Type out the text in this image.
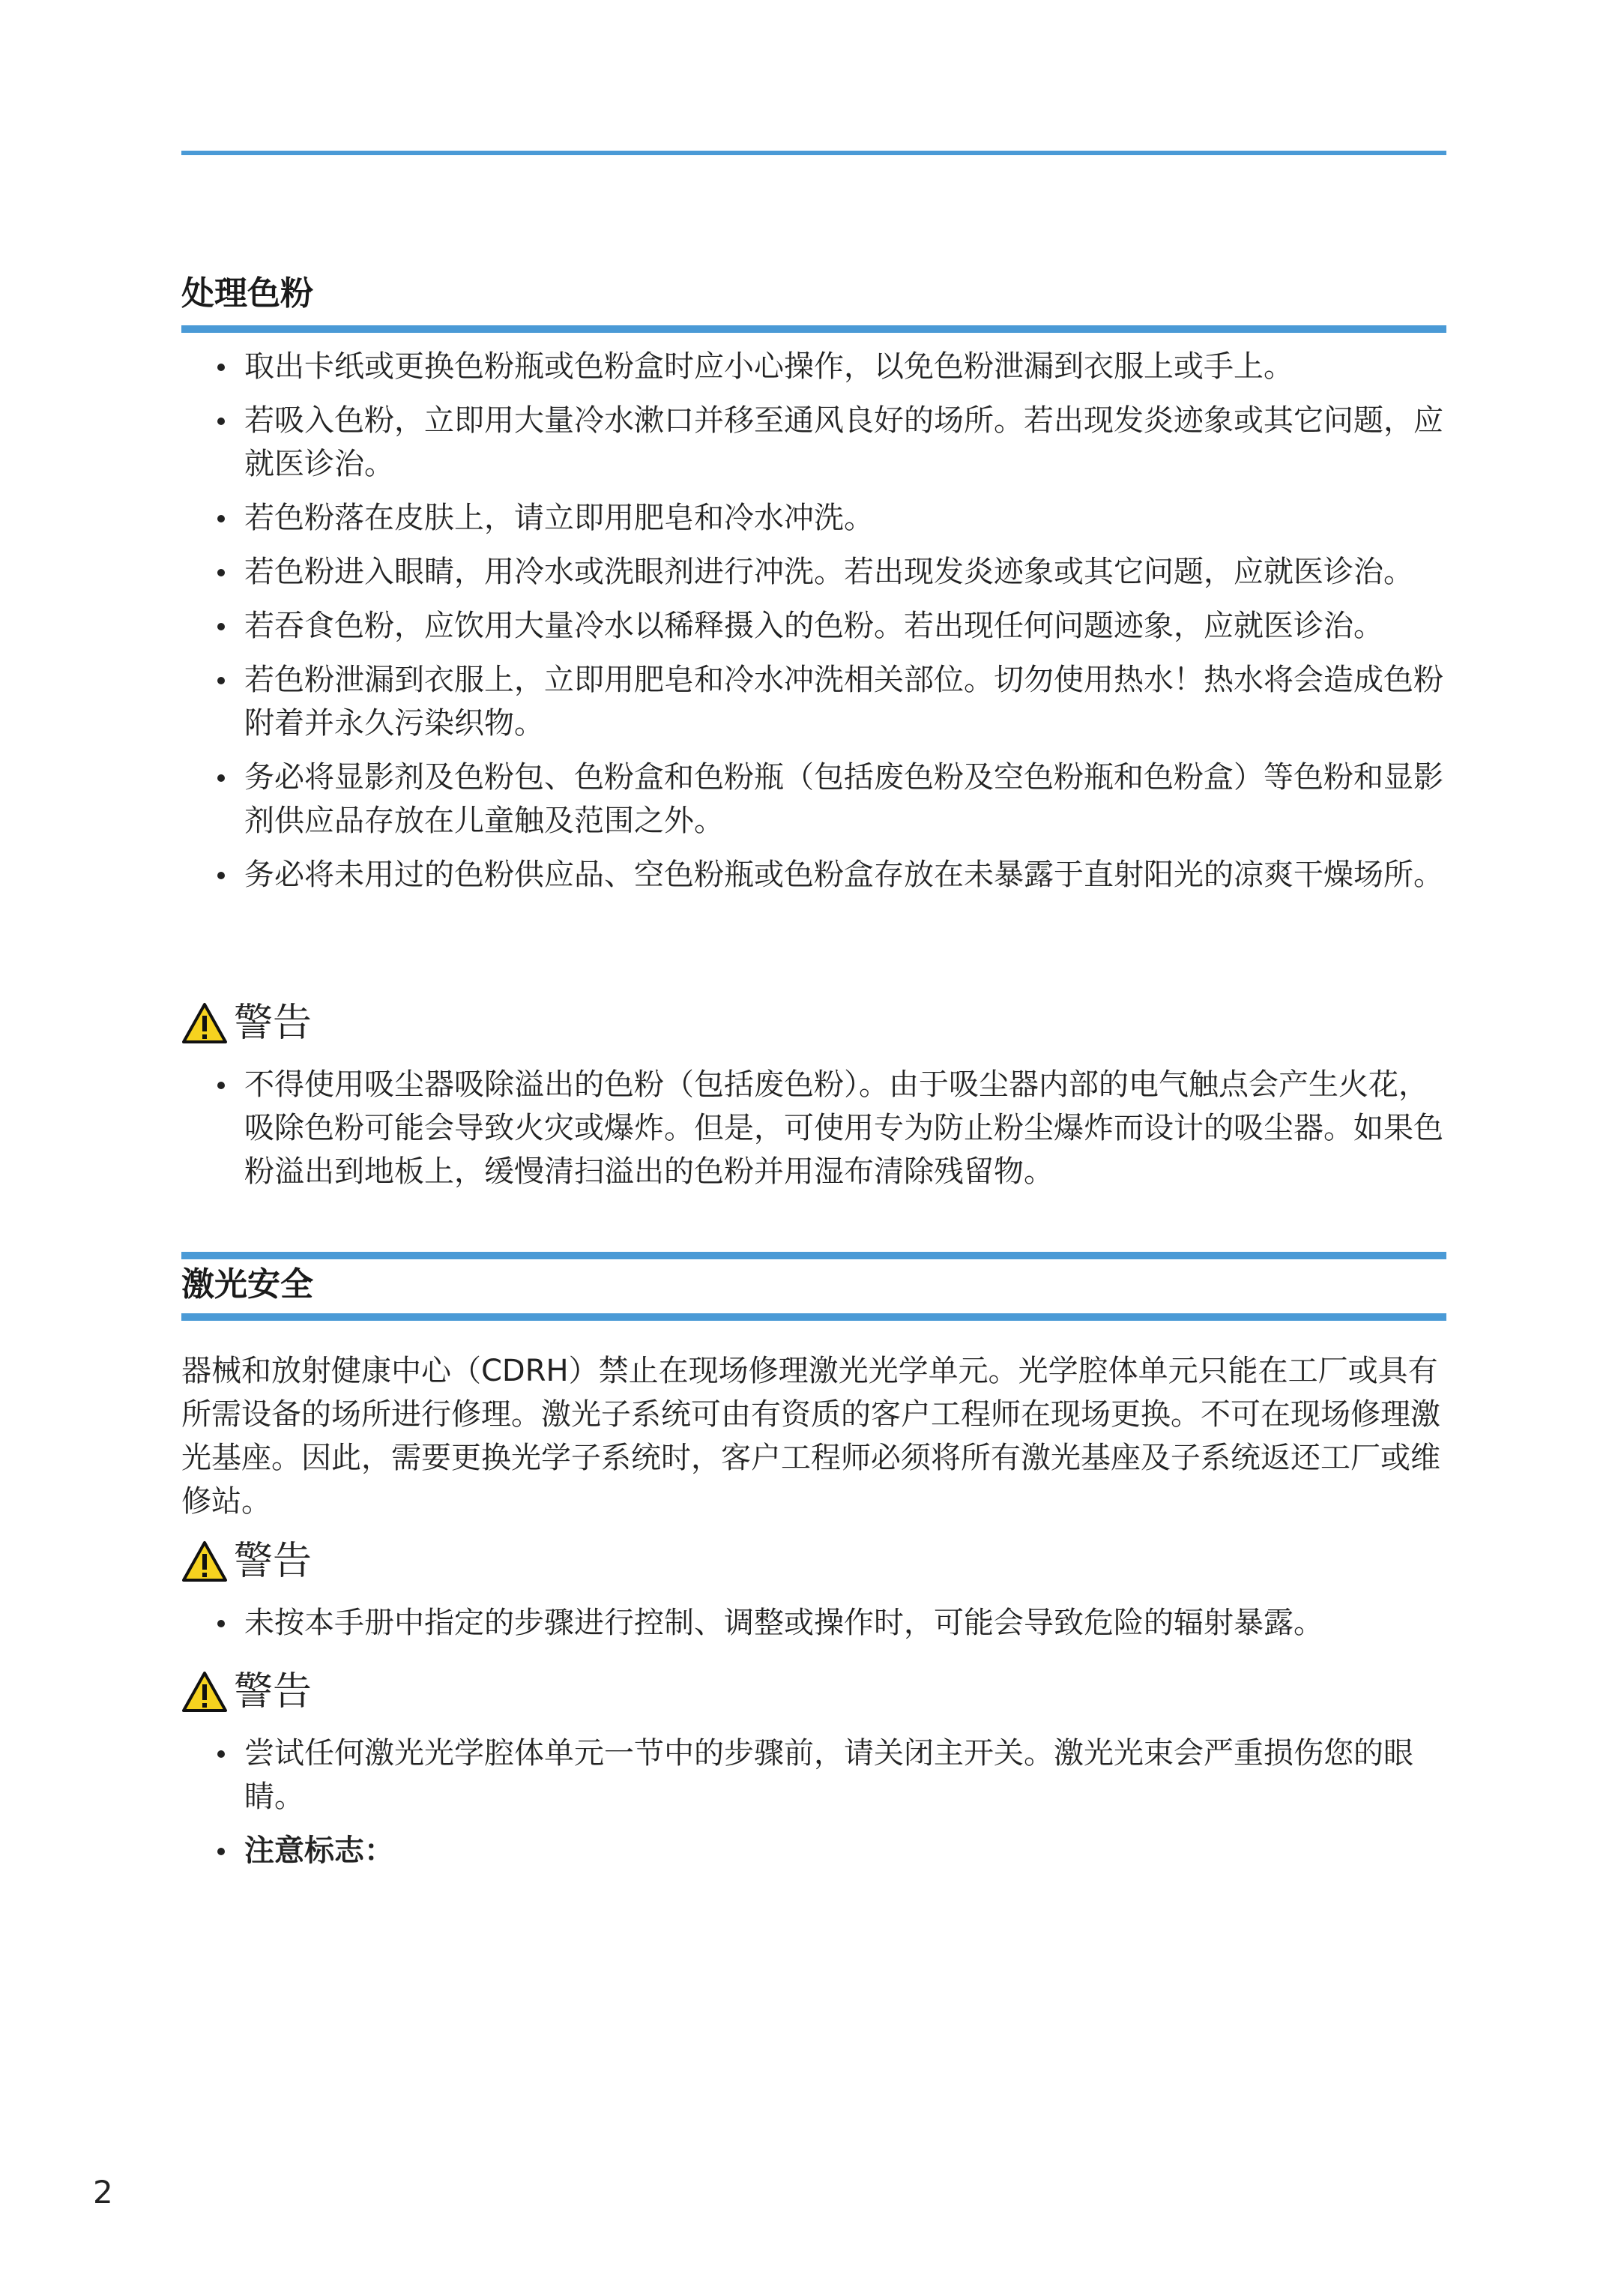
处理色粉
取出卡纸或更换色粉瓶或色粉盒时应小心操作，以免色粉泄漏到衣服上或手上。
若吸入色粉，立即用大量冷水漱口并移至通风良好的场所。若出现发炎迹象或其它问题，应就医诊治。
若色粉落在皮肤上，请立即用肥皂和冷水冲洗。
若色粉进入眼睛，用冷水或洗眼剂进行冲洗。若出现发炎迹象或其它问题，应就医诊治。
若吞食色粉，应饮用大量冷水以稀释摄入的色粉。若出现任何问题迹象，应就医诊治。
若色粉泄漏到衣服上，立即用肥皂和冷水冲洗相关部位。切勿使用热水！热水将会造成色粉附着并永久污染织物。
务必将显影剂及色粉包、色粉盒和色粉瓶（包括废色粉及空色粉瓶和色粉盒）等色粉和显影剂供应品存放在儿童触及范围之外。
务必将未用过的色粉供应品、空色粉瓶或色粉盒存放在未暴露于直射阳光的凉爽干燥场所。
警告
不得使用吸尘器吸除溢出的色粉（包括废色粉）。由于吸尘器内部的电气触点会产生火花，吸除色粉可能会导致火灾或爆炸。但是，可使用专为防止粉尘爆炸而设计的吸尘器。如果色粉溢出到地板上，缓慢清扫溢出的色粉并用湿布清除残留物。
激光安全

器械和放射健康中心（CDRH）禁止在现场修理激光光学单元。光学腔体单元只能在工厂或具有所需设备的场所进行修理。激光子系统可由有资质的客户工程师在现场更换。不可在现场修理激光基座。因此，需要更换光学子系统时，客户工程师必须将所有激光基座及子系统返还工厂或维修站。

警告
未按本手册中指定的步骤进行控制、调整或操作时，可能会导致危险的辐射暴露。
警告
尝试任何激光光学腔体单元一节中的步骤前，请关闭主开关。激光光束会严重损伤您的眼睛。
注意标志：
2
